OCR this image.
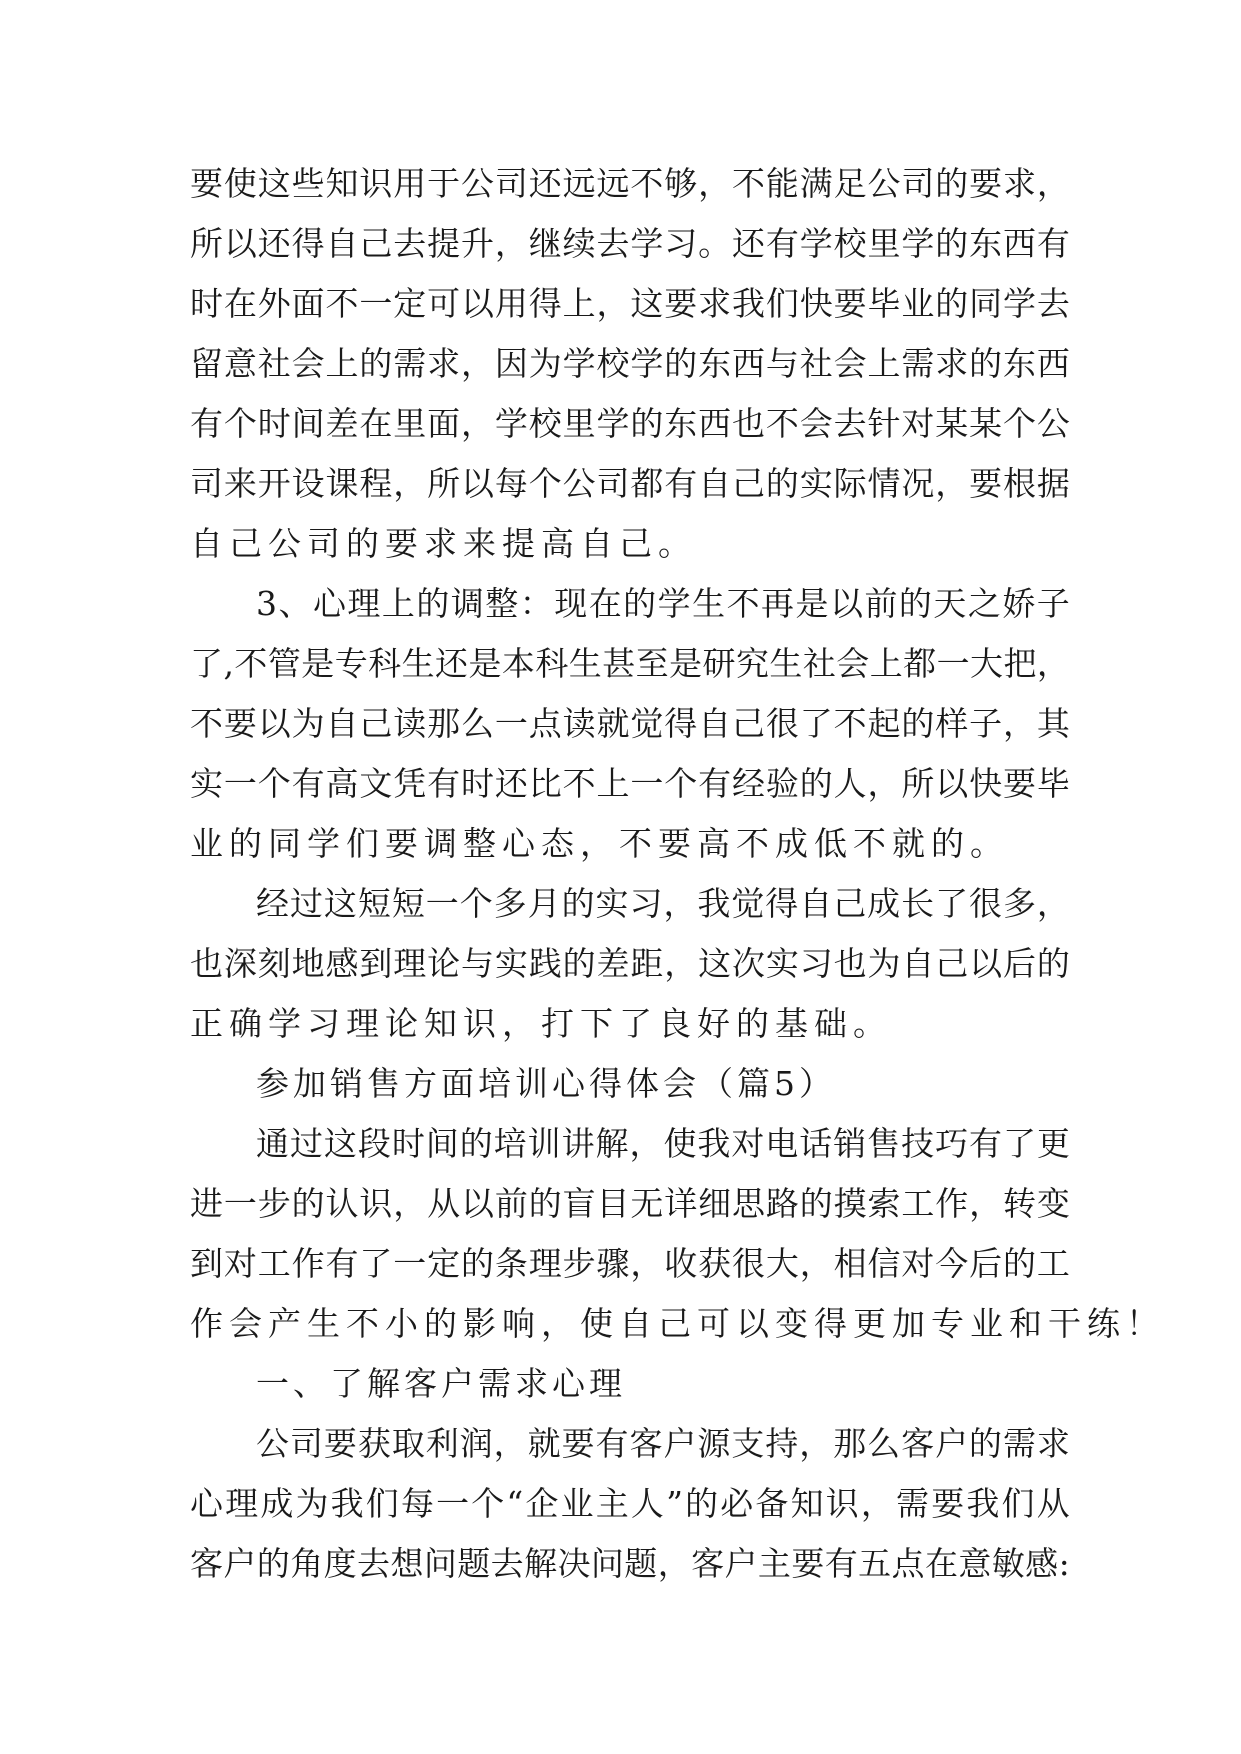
要 使 这 些 知 识 用 于 公 司 还 远 远 不 够 ， 不 能 满 足 公 司 的 要 求 ，
所 以 还 得 自 己 去 提 升 ， 继 续 去 学 习 。 还 有 学 校 里 学 的 东 西 有
时 在 外 面 不 一 定 可 以 用 得 上 ， 这 要 求 我 们 快 要 毕 业 的 同 学 去
留 意 社 会 上 的 需 求 ， 因 为 学 校 学 的 东 西 与 社 会 上 需 求 的 东 西
有 个 时 间 差 在 里 面 ， 学 校 里 学 的 东 西 也 不 会 去 针 对 某 某 个 公
司 来 开 设 课 程 ， 所 以 每 个 公 司 都 有 自 己 的 实 际 情 况 ， 要 根 据
自己公司的要求来提高自己。
3 、 心 理 上 的 调 整 ： 现 在 的 学 生 不 再 是 以 前 的 天 之 娇 子
了 , 不 管 是 专 科 生 还 是 本 科 生 甚 至 是 研 究 生 社 会 上 都 一 大 把 ，
不 要 以 为 自 己 读 那 么 一 点 读 就 觉 得 自 己 很 了 不 起 的 样 子 ， 其
实 一 个 有 高 文 凭 有 时 还 比 不 上 一 个 有 经 验 的 人 ， 所 以 快 要 毕
业的同学们要调整心态，不要高不成低不就的。
经 过 这 短 短 一 个 多 月 的 实 习 ， 我 觉 得 自 己 成 长 了 很 多 ，
也 深 刻 地 感 到 理 论 与 实 践 的 差 距 ， 这 次 实 习 也 为 自 己 以 后 的
正确学习理论知识，打下了良好的基础。
参加销售方面培训心得体会（篇5）
通 过 这 段 时 间 的 培 训 讲 解 ， 使 我 对 电 话 销 售 技 巧 有 了 更
进 一 步 的 认 识 ， 从 以 前 的 盲 目 无 详 细 思 路 的 摸 索 工 作 ， 转 变
到 对 工 作 有 了 一 定 的 条 理 步 骤 ， 收 获 很 大 ， 相 信 对 今 后 的 工
作会产生不小的影响，使自己可以变得更加专业和干练！
一、了解客户需求心理
公 司 要 获 取 利 润 ， 就 要 有 客 户 源 支 持 ， 那 么 客 户 的 需 求
心 理 成 为 我 们 每 一 个 “ 企 业 主 人 ” 的 必 备 知 识 ， 需 要 我 们 从
客 户 的 角 度 去 想 问 题 去 解 决 问 题 ， 客 户 主 要 有 五 点 在 意 敏 感 :
